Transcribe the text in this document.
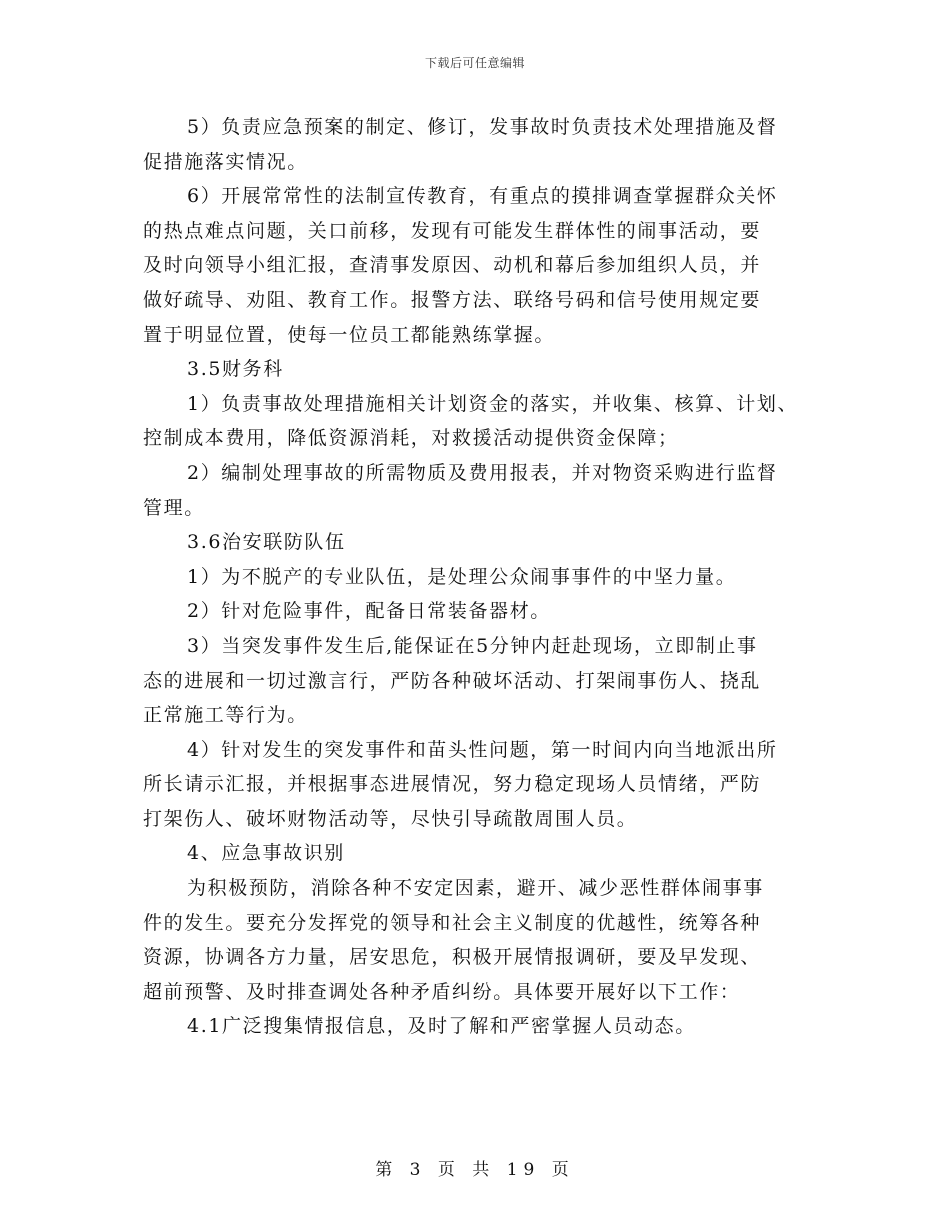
下载后可任意编辑
5）负责应急预案的制定、修订，发事故时负责技术处理措施及督
促措施落实情况。
6）开展常常性的法制宣传教育，有重点的摸排调查掌握群众关怀
的热点难点问题，关口前移，发现有可能发生群体性的闹事活动，要
及时向领导小组汇报，查清事发原因、动机和幕后参加组织人员，并
做好疏导、劝阻、教育工作。报警方法、联络号码和信号使用规定要
置于明显位置，使每一位员工都能熟练掌握。
3.5财务科
1）负责事故处理措施相关计划资金的落实，并收集、核算、计划、
控制成本费用，降低资源消耗，对救援活动提供资金保障；
2）编制处理事故的所需物质及费用报表，并对物资采购进行监督
管理。
3.6治安联防队伍
1）为不脱产的专业队伍，是处理公众闹事事件的中坚力量。
2）针对危险事件，配备日常装备器材。
3）当突发事件发生后,能保证在5分钟内赶赴现场，立即制止事
态的进展和一切过激言行，严防各种破坏活动、打架闹事伤人、挠乱
正常施工等行为。
4）针对发生的突发事件和苗头性问题，第一时间内向当地派出所
所长请示汇报，并根据事态进展情况，努力稳定现场人员情绪，严防
打架伤人、破坏财物活动等，尽快引导疏散周围人员。
4、应急事故识别
为积极预防，消除各种不安定因素，避开、减少恶性群体闹事事
件的发生。要充分发挥党的领导和社会主义制度的优越性，统筹各种
资源，协调各方力量，居安思危，积极开展情报调研，要及早发现、
超前预警、及时排查调处各种矛盾纠纷。具体要开展好以下工作：
4.1广泛搜集情报信息，及时了解和严密掌握人员动态。
第 3 页 共 19 页
